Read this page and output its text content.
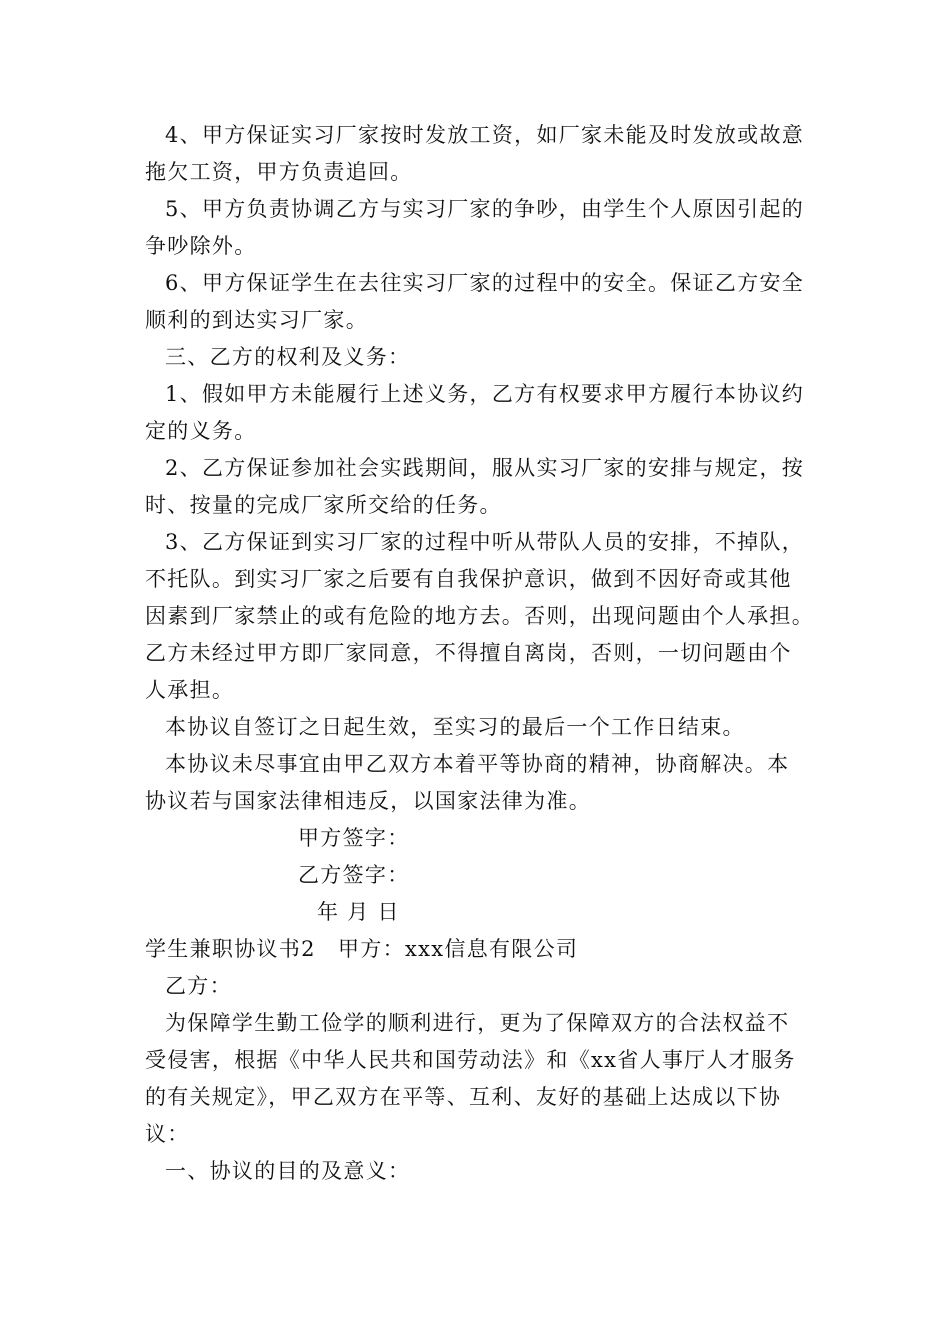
4、甲方保证实习厂家按时发放工资，如厂家未能及时发放或故意
拖欠工资，甲方负责追回。
5、甲方负责协调乙方与实习厂家的争吵，由学生个人原因引起的
争吵除外。
6、甲方保证学生在去往实习厂家的过程中的安全。保证乙方安全
顺利的到达实习厂家。
三、乙方的权利及义务：
1、假如甲方未能履行上述义务，乙方有权要求甲方履行本协议约
定的义务。
2、乙方保证参加社会实践期间，服从实习厂家的安排与规定，按
时、按量的完成厂家所交给的任务。
3、乙方保证到实习厂家的过程中听从带队人员的安排，不掉队，
不托队。到实习厂家之后要有自我保护意识，做到不因好奇或其他
因素到厂家禁止的或有危险的地方去。否则，出现问题由个人承担。
乙方未经过甲方即厂家同意，不得擅自离岗，否则，一切问题由个
人承担。
本协议自签订之日起生效，至实习的最后一个工作日结束。
本协议未尽事宜由甲乙双方本着平等协商的精神，协商解决。本
协议若与国家法律相违反，以国家法律为准。
甲方签字：
乙方签字：
年 月 日
学生兼职协议书2　甲方：xxx信息有限公司
乙方：
为保障学生勤工俭学的顺利进行，更为了保障双方的合法权益不
受侵害，根据《中华人民共和国劳动法》和《xx省人事厅人才服务
的有关规定》，甲乙双方在平等、互利、友好的基础上达成以下协
议：
一、协议的目的及意义：
